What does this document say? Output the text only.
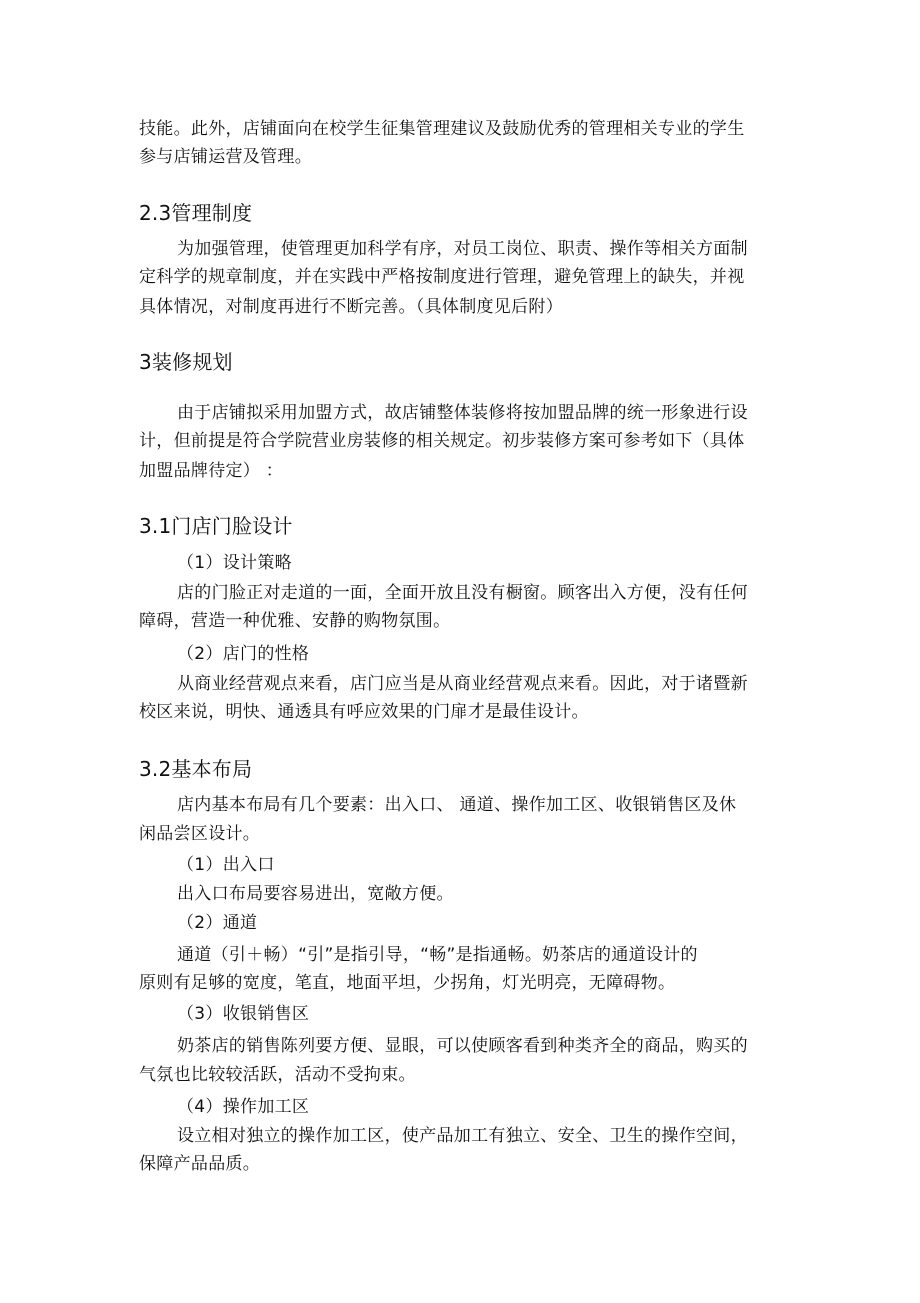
技能。此外，店铺面向在校学生征集管理建议及鼓励优秀的管理相关专业的学生
参与店铺运营及管理。
2.3管理制度
为加强管理，使管理更加科学有序，对员工岗位、职责、操作等相关方面制
定科学的规章制度，并在实践中严格按制度进行管理，避免管理上的缺失，并视
具体情况，对制度再进行不断完善。（具体制度见后附）
3装修规划
由于店铺拟采用加盟方式，故店铺整体装修将按加盟品牌的统一形象进行设
计，但前提是符合学院营业房装修的相关规定。初步装修方案可参考如下（具体
加盟品牌待定） ：
3.1门店门脸设计
（1）设计策略
店的门脸正对走道的一面，全面开放且没有橱窗。顾客出入方便，没有任何
障碍，营造一种优雅、安静的购物氛围。
（2）店门的性格
从商业经营观点来看，店门应当是从商业经营观点来看。因此，对于诸暨新
校区来说，明快、通透具有呼应效果的门扉才是最佳设计。
3.2基本布局
店内基本布局有几个要素：出入口、 通道、操作加工区、收银销售区及休
闲品尝区设计。
（1）出入口
出入口布局要容易进出，宽敞方便。
（2）通道
通道（引＋畅）“引”是指引导，“畅”是指通畅。奶茶店的通道设计的
原则有足够的宽度，笔直，地面平坦，少拐角，灯光明亮，无障碍物。
（3）收银销售区
奶茶店的销售陈列要方便、显眼，可以使顾客看到种类齐全的商品，购买的
气氛也比较较活跃，活动不受拘束。
（4）操作加工区
设立相对独立的操作加工区，使产品加工有独立、安全、卫生的操作空间，
保障产品品质。
